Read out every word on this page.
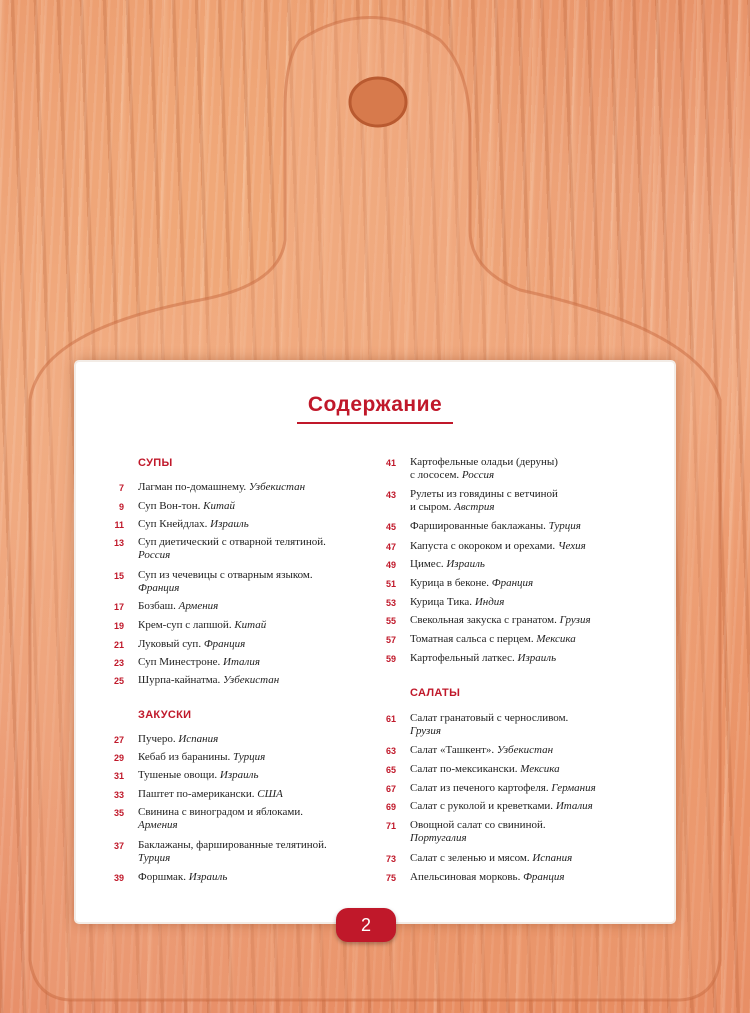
Содержание
СУПЫ
7 Лагман по-домашнему. Узбекистан
9 Суп Вон-тон. Китай
11 Суп Кнейдлах. Израиль
13 Суп диетический с отварной телятиной.
Россия
15 Суп из чечевицы с отварным языком.
Франция
17 Бозбаш. Армения
19 Крем-суп с лапшой. Китай
21 Луковый суп. Франция
23 Суп Минестроне. Италия
25 Шурпа-кайнатма. Узбекистан
ЗАКУСКИ
27 Пучеро. Испания
29 Кебаб из баранины. Турция
31 Тушеные овощи. Израиль
33 Паштет по-американски. США
35 Свинина с виноградом и яблоками.
Армения
37 Баклажаны, фаршированные телятиной.
Турция
39 Форшмак. Израиль
41 Картофельные оладьи (деруны)
с лососем. Россия
43 Рулеты из говядины с ветчиной
и сыром. Австрия
45 Фаршированные баклажаны. Турция
47 Капуста с окороком и орехами. Чехия
49 Цимес. Израиль
51 Курица в беконе. Франция
53 Курица Тика. Индия
55 Свекольная закуска с гранатом. Грузия
57 Томатная сальса с перцем. Мексика
59 Картофельный латкес. Израиль
САЛАТЫ
61 Салат гранатовый с черносливом.
Грузия
63 Салат «Ташкент». Узбекистан
65 Салат по-мексикански. Мексика
67 Салат из печеного картофеля. Германия
69 Салат с руколой и креветками. Италия
71 Овощной салат со свининой.
Португалия
73 Салат с зеленью и мясом. Испания
75 Апельсиновая морковь. Франция
2
